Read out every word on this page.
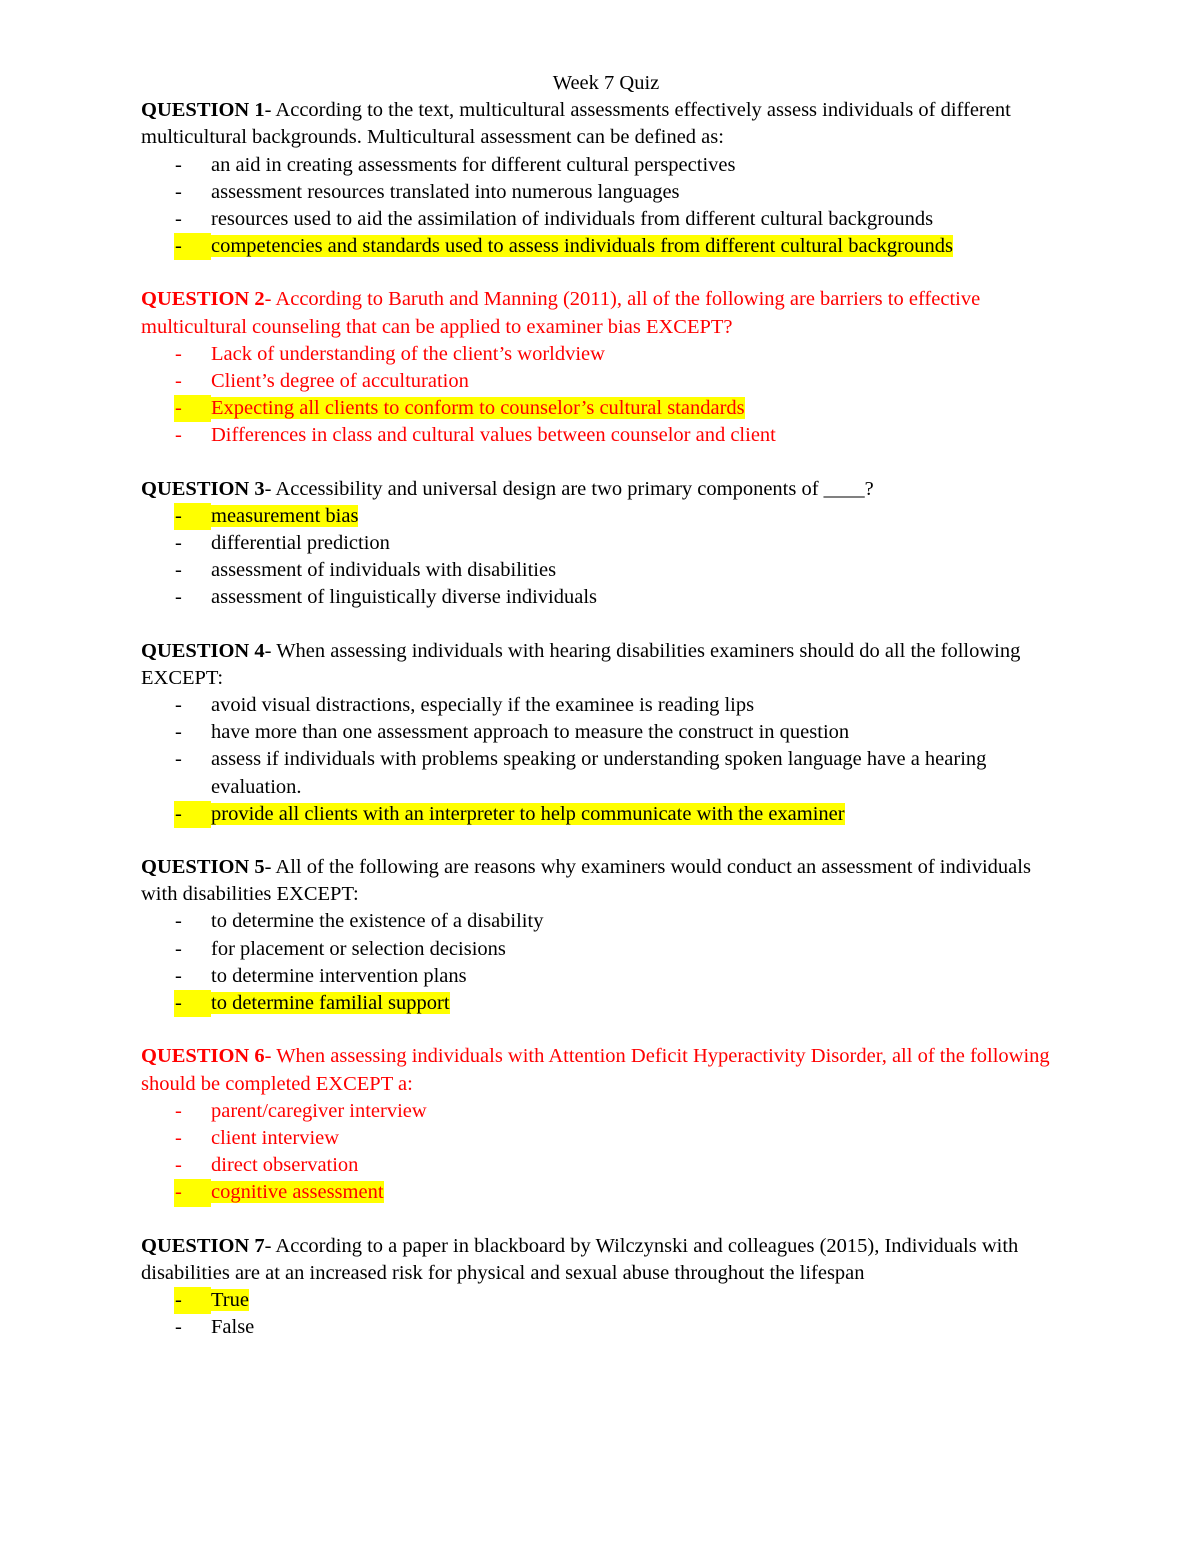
Week 7 Quiz

QUESTION 1- According to the text, multicultural assessments effectively assess individuals of different multicultural backgrounds. Multicultural assessment can be defined as:

-	an aid in creating assessments for different cultural perspectives
-	assessment resources translated into numerous languages
-	resources used to aid the assimilation of individuals from different cultural backgrounds
-	competencies and standards used to assess individuals from different cultural backgrounds

QUESTION 2- According to Baruth and Manning (2011), all of the following are barriers to effective multicultural counseling that can be applied to examiner bias EXCEPT?

-	Lack of understanding of the client’s worldview
-	Client’s degree of acculturation
-	Expecting all clients to conform to counselor’s cultural standards
-	Differences in class and cultural values between counselor and client

QUESTION 3- Accessibility and universal design are two primary components of ____?

-	measurement bias
-	differential prediction
-	assessment of individuals with disabilities
-	assessment of linguistically diverse individuals

QUESTION 4- When assessing individuals with hearing disabilities examiners should do all the following EXCEPT:

-	avoid visual distractions, especially if the examinee is reading lips
-	have more than one assessment approach to measure the construct in question
-	assess if individuals with problems speaking or understanding spoken language have a hearing evaluation.
-	provide all clients with an interpreter to help communicate with the examiner

QUESTION 5- All of the following are reasons why examiners would conduct an assessment of individuals with disabilities EXCEPT:

-	to determine the existence of a disability
-	for placement or selection decisions
-	to determine intervention plans
-	to determine familial support

QUESTION 6- When assessing individuals with Attention Deficit Hyperactivity Disorder, all of the following should be completed EXCEPT a:

-	parent/caregiver interview
-	client interview
-	direct observation
-	cognitive assessment

QUESTION 7- According to a paper in blackboard by Wilczynski and colleagues (2015), Individuals with disabilities are at an increased risk for physical and sexual abuse throughout the lifespan

-	True
-	False
